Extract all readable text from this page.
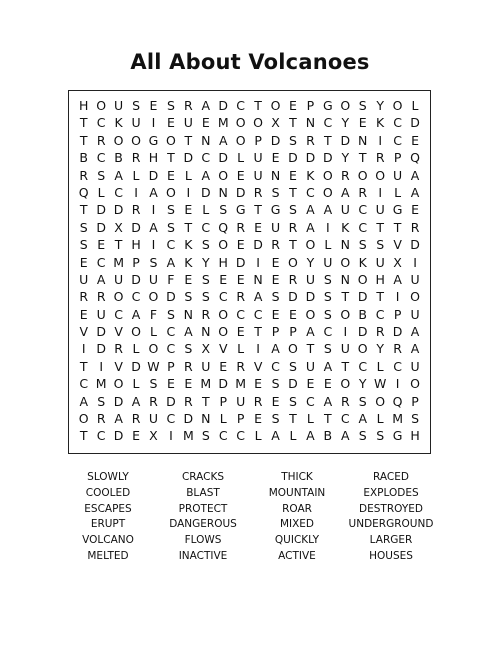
All About Volcanoes
H O U S E S R A D C T O E P G O S Y O L
T C K U I E U E M O O X T N C Y E K C D
T R O O G O T N A O P D S R T D N I C E
B C B R H T D C D L U E D D D Y T R P Q
R S A L D E L A O E U N E K O R O O U A
Q L C I A O I D N D R S T C O A R I L A
T D D R I S E L S G T G S A A U C U G E
S D X D A S T C Q R E U R A I K C T T R
S E T H I C K S O E D R T O L N S S V D
E C M P S A K Y H D I E O Y U O K U X I
U A U D U F E S E E N E R U S N O H A U
R R O C O D S S C R A S D D S T D T I O
E U C A F S N R O C C E E O S O B C P U
V D V O L C A N O E T P P A C I D R D A
I D R L O C S X V L I A O T S U O Y R A
T I V D W P R U E R V C S U A T C L C U
C M O L S E E M D M E S D E E O Y W I O
A S D A R D R T P U R E S C A R S O Q P
O R A R U C D N L P E S T L T C A L M S
T C D E X I M S C C L A L A B A S S G H
SLOWLY
COOLED
ESCAPES
ERUPT
VOLCANO
MELTED
CRACKS
BLAST
PROTECT
DANGEROUS
FLOWS
INACTIVE
THICK
MOUNTAIN
ROAR
MIXED
QUICKLY
ACTIVE
RACED
EXPLODES
DESTROYED
UNDERGROUND
LARGER
HOUSES
